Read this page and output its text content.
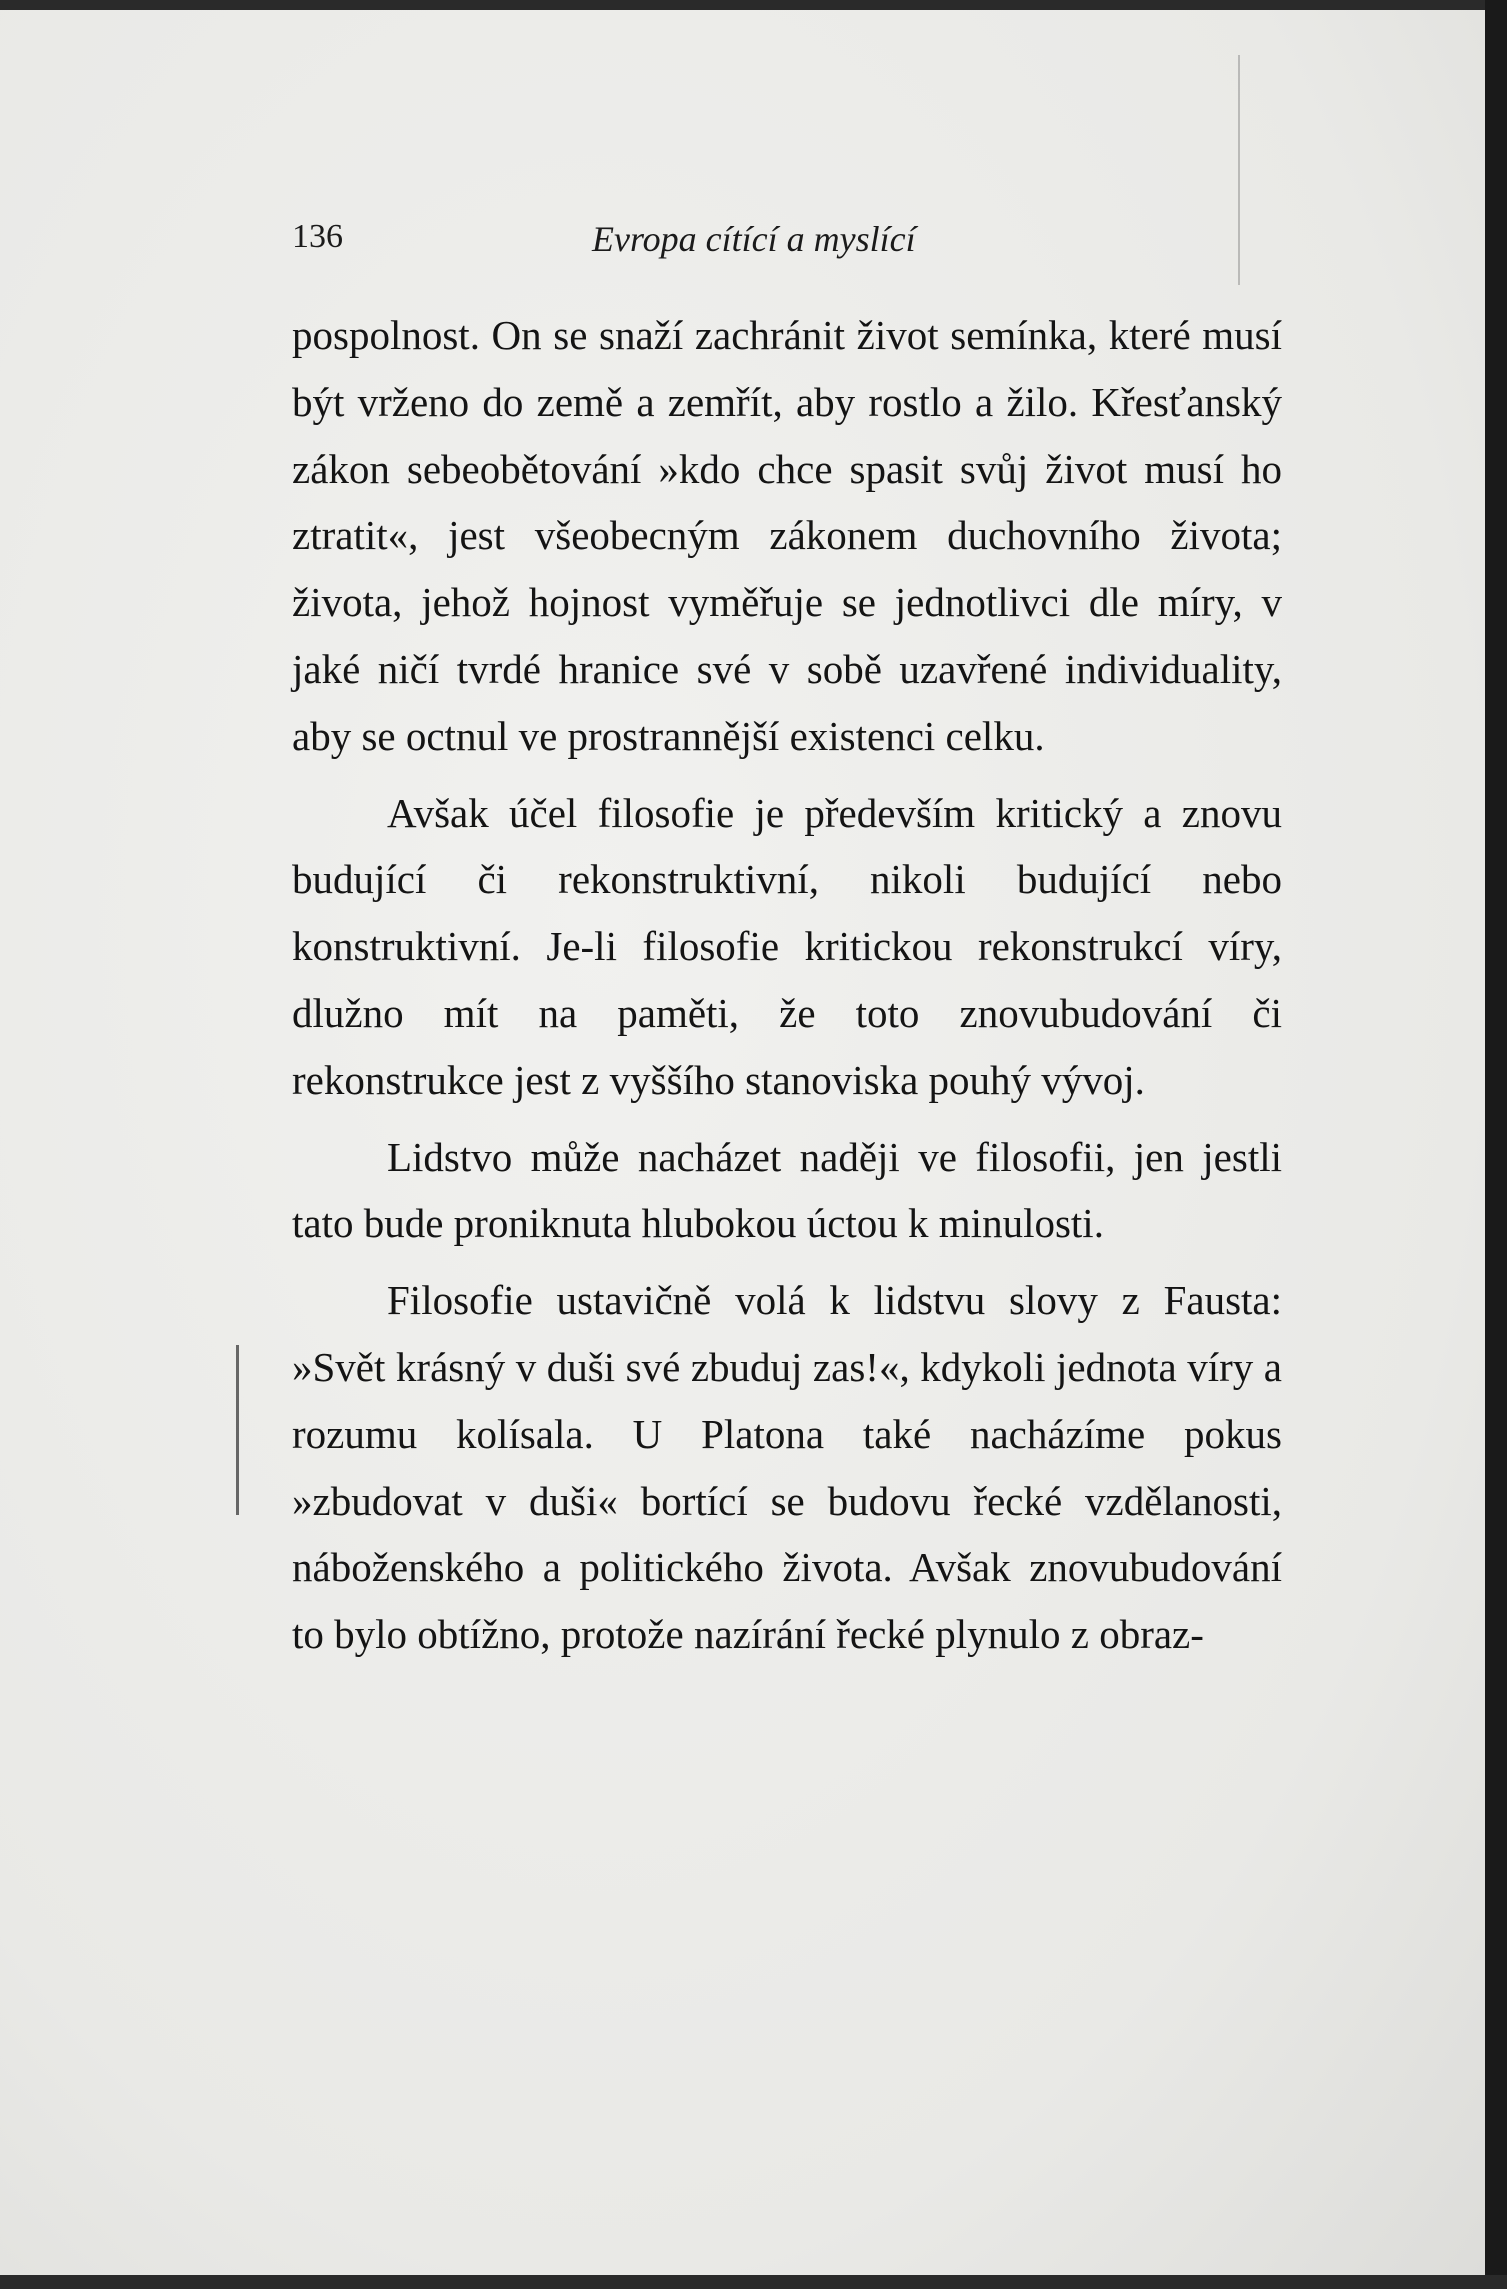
136	Evropa cítící a myslící

pospolnost. On se snaží zachránit život semínka, které musí být vrženo do země a zemřít, aby rostlo a žilo. Křesťanský zákon sebeobětování »kdo chce spasit svůj život musí ho ztratit«, jest všeobecným zákonem duchovního života; života, jehož hojnost vyměřuje se jednotlivci dle míry, v jaké ničí tvrdé hranice své v sobě uzavřené individuality, aby se octnul ve prostrannější existenci celku.

Avšak účel filosofie je především kritický a znovu budující či rekonstruktivní, nikoli budující nebo konstruktivní. Je-li filosofie kritickou rekonstrukcí víry, dlužno mít na paměti, že toto znovubudování či rekonstrukce jest z vyššího stanoviska pouhý vývoj.

Lidstvo může nacházet naději ve filosofii, jen jestli tato bude proniknuta hlubokou úctou k minulosti.

Filosofie ustavičně volá k lidstvu slovy z Fausta: »Svět krásný v duši své zbuduj zas!«, kdykoli jednota víry a rozumu kolísala. U Platona také nacházíme pokus »zbudovat v duši« bortící se budovu řecké vzdělanosti, náboženského a politického života. Avšak znovubudování to bylo obtížno, protože nazírání řecké plynulo z obraz-
